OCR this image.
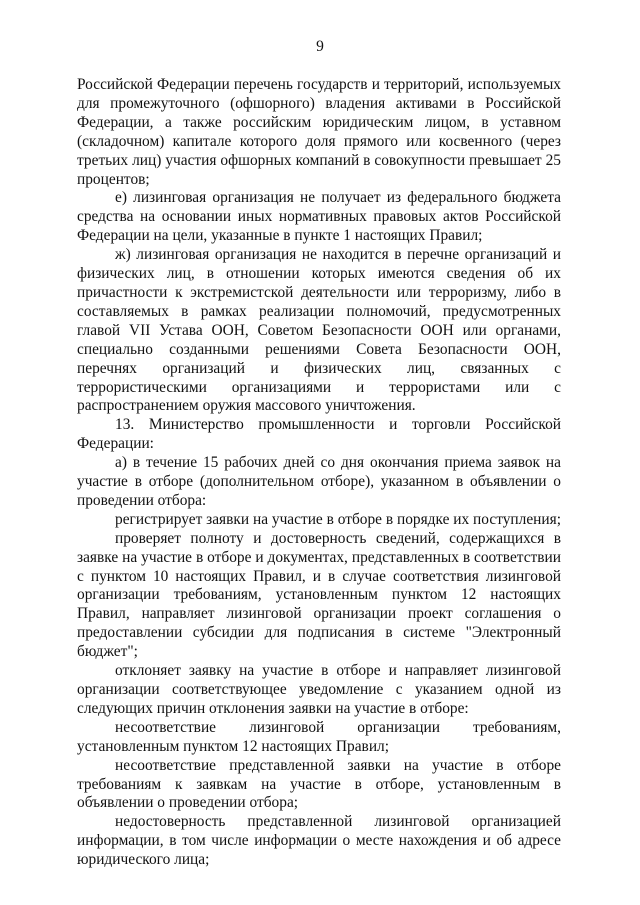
9

Российской Федерации перечень государств и территорий, используемых для промежуточного (офшорного) владения активами в Российской Федерации, а также российским юридическим лицом, в уставном (складочном) капитале которого доля прямого или косвенного (через третьих лиц) участия офшорных компаний в совокупности превышает 25 процентов;

е) лизинговая организация не получает из федерального бюджета средства на основании иных нормативных правовых актов Российской Федерации на цели, указанные в пункте 1 настоящих Правил;

ж) лизинговая организация не находится в перечне организаций и физических лиц, в отношении которых имеются сведения об их причастности к экстремистской деятельности или терроризму, либо в составляемых в рамках реализации полномочий, предусмотренных главой VII Устава ООН, Советом Безопасности ООН или органами, специально созданными решениями Совета Безопасности ООН, перечнях организаций и физических лиц, связанных с террористическими организациями и террористами или с распространением оружия массового уничтожения.

13. Министерство промышленности и торговли Российской Федерации:

а) в течение 15 рабочих дней со дня окончания приема заявок на участие в отборе (дополнительном отборе), указанном в объявлении о проведении отбора:

регистрирует заявки на участие в отборе в порядке их поступления;

проверяет полноту и достоверность сведений, содержащихся в заявке на участие в отборе и документах, представленных в соответствии с пунктом 10 настоящих Правил, и в случае соответствия лизинговой организации требованиям, установленным пунктом 12 настоящих Правил, направляет лизинговой организации проект соглашения о предоставлении субсидии для подписания в системе "Электронный бюджет";

отклоняет заявку на участие в отборе и направляет лизинговой организации соответствующее уведомление с указанием одной из следующих причин отклонения заявки на участие в отборе:

несоответствие лизинговой организации требованиям, установленным пунктом 12 настоящих Правил;

несоответствие представленной заявки на участие в отборе требованиям к заявкам на участие в отборе, установленным в объявлении о проведении отбора;

недостоверность представленной лизинговой организацией информации, в том числе информации о месте нахождения и об адресе юридического лица;
